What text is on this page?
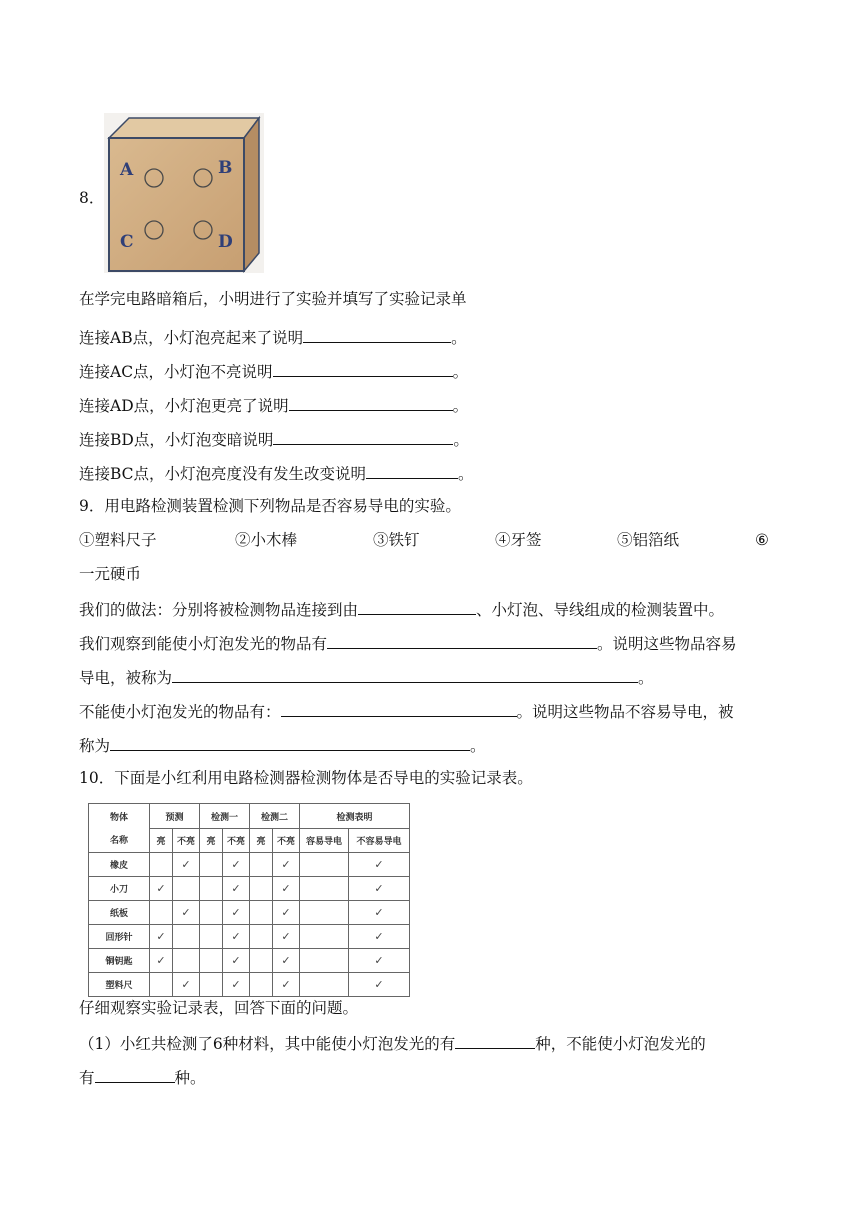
8．
A	B
C	D
在学完电路暗箱后，小明进行了实验并填写了实验记录单
连接AB点，小灯泡亮起来了说明	。
连接AC点，小灯泡不亮说明	。
连接AD点，小灯泡更亮了说明	。
连接BD点，小灯泡变暗说明	。
连接BC点，小灯泡亮度没有发生改变说明	。
9．用电路检测装置检测下列物品是否容易导电的实验。
①塑料尺子	②小木棒	③铁钉	④牙签	⑤铝箔纸	⑥
一元硬币
我们的做法：分别将被检测物品连接到由	、小灯泡、导线组成的检测装置中。
我们观察到能使小灯泡发光的物品有	。说明这些物品容易
导电，被称为	。
不能使小灯泡发光的物品有：	。说明这些物品不容易导电，被
称为	。
10．下面是小红利用电路检测器检测物体是否导电的实验记录表。
物体

名称	预测		检测一		检测二		检测表明	
	亮	不亮	亮	不亮	亮	不亮	容易导电	不容易导电
橡皮		✓		✓		✓		✓
小刀	✓			✓		✓		✓
纸板		✓		✓		✓		✓
回形针	✓			✓		✓		✓
铜钥匙	✓			✓		✓		✓
塑料尺		✓		✓		✓		✓
仔细观察实验记录表，回答下面的问题。
（1）小红共检测了6种材料，其中能使小灯泡发光的有	种，不能使小灯泡发光的
有	种。
